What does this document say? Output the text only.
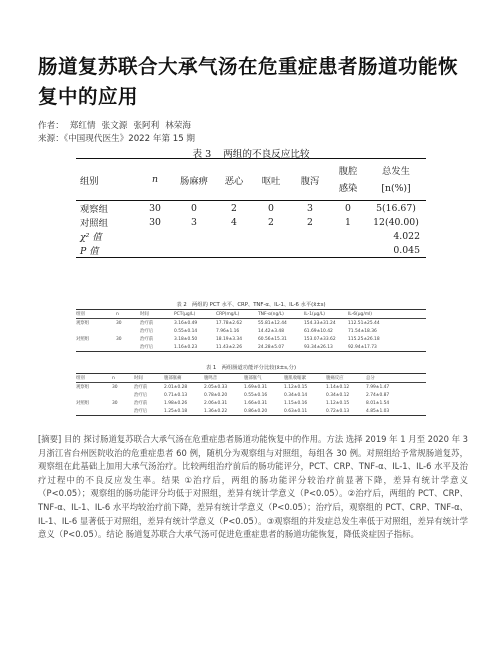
肠道复苏联合大承气汤在危重症患者肠道功能恢复中的应用
作者： 郑红情 张文源 张阿利 林荣海
来源：《中国现代医生》2022 年第 15 期
表 3 两组的不良反应比较
组别	n	肠麻痹	恶心	呕吐	腹泻	腹腔
感染	总发生
[n(%)]
观察组	30	0	2	0	3	0	5(16.67)
对照组	30	3	4	2	2	1	12(40.00)
χ² 值							4.022
P 值							0.045
表 2　两组的 PCT 水平、CRP、TNF-α、IL-1、IL-6 水平(x̄±s)
组别	n	时间	PCT(μg/L)	CRP(mg/L)	TNF-α(ng/L)	IL-1(μg/L)	IL-6(μg/ml)
观察组	30	治疗前	3.16±0.49	17.78±2.62	55.81±12.44	154.33±31.24	112.51±25.44
		治疗后	0.55±0.14	7.96±1.16	14.42±3.48	61.69±10.42	71.54±18.36
对照组	30	治疗前	3.18±0.50	18.19±3.34	60.56±15.31	153.07±33.62	115.25±26.18
		治疗后	1.16±0.23	11.43±2.26	24.28±5.07	93.34±26.13	92.94±17.73
表 1　两组肠道功能评分比较(x̄±s,分)
组别	n	时间	腹部胀痛	腹鸣音	腹部胀气	腹肌收缩紧	腹痛反应	总分
观察组	30	治疗前	2.01±0.28	2.05±0.33	1.69±0.31	1.12±0.15	1.14±0.12	7.99±1.47
		治疗后	0.71±0.13	0.78±0.20	0.55±0.16	0.34±0.14	0.34±0.12	2.74±0.87
对照组	30	治疗前	1.98±0.26	2.06±0.31	1.66±0.31	1.15±0.16	1.12±0.15	8.01±1.54
		治疗后	1.25±0.18	1.36±0.22	0.86±0.20	0.63±0.11	0.72±0.13	4.85±1.03

[摘要] 目的 探讨肠道复苏联合大承气汤在危重症患者肠道功能恢复中的作用。方法 选择 2019 年 1 月至 2020 年 3 月浙江省台州医院收治的危重症患者 60 例，随机分为观察组与对照组，每组各 30 例。对照组给予常规肠道复苏，观察组在此基础上加用大承气汤治疗。比较两组治疗前后的肠功能评分，PCT、CRP、TNF-α、IL-1、IL-6 水平及治疗过程中的不良反应发生率。结果 ①治疗后，两组的肠功能评分较治疗前显著下降，差异有统计学意义（P<0.05）；观察组的肠功能评分均低于对照组，差异有统计学意义（P<0.05）。②治疗后，两组的 PCT、CRP、TNF-α、IL-1、IL-6 水平均较治疗前下降，差异有统计学意义（P<0.05）；治疗后，观察组的 PCT、CRP、TNF-α、IL-1、IL-6 显著低于对照组，差异有统计学意义（P<0.05）。③观察组的并发症总发生率低于对照组，差异有统计学意义（P<0.05）。结论 肠道复苏联合大承气汤可促进危重症患者的肠道功能恢复，降低炎症因子指标。
